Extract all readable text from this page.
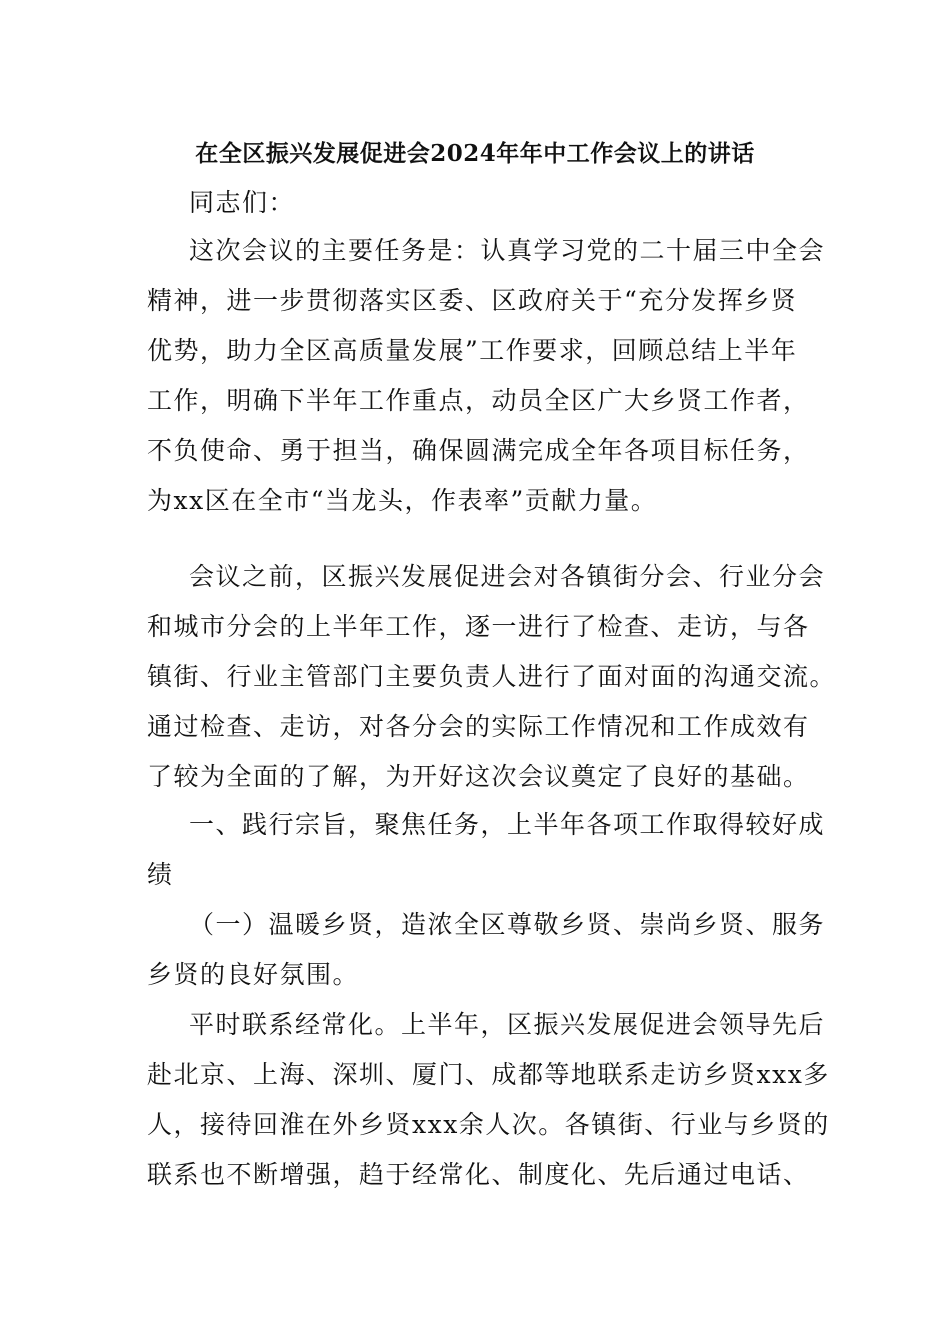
在全区振兴发展促进会2024年年中工作会议上的讲话

同志们：

这次会议的主要任务是：认真学习党的二十届三中全会
精神，进一步贯彻落实区委、区政府关于“充分发挥乡贤
优势，助力全区高质量发展”工作要求，回顾总结上半年
工作，明确下半年工作重点，动员全区广大乡贤工作者，
不负使命、勇于担当，确保圆满完成全年各项目标任务，
为xx区在全市“当龙头，作表率”贡献力量。

会议之前，区振兴发展促进会对各镇街分会、行业分会
和城市分会的上半年工作，逐一进行了检查、走访，与各
镇街、行业主管部门主要负责人进行了面对面的沟通交流。
通过检查、走访，对各分会的实际工作情况和工作成效有
了较为全面的了解，为开好这次会议奠定了良好的基础。

一、践行宗旨，聚焦任务，上半年各项工作取得较好成
绩

（一）温暖乡贤，造浓全区尊敬乡贤、崇尚乡贤、服务
乡贤的良好氛围。

平时联系经常化。上半年，区振兴发展促进会领导先后
赴北京、上海、深圳、厦门、成都等地联系走访乡贤xxx多
人，接待回淮在外乡贤xxx余人次。各镇街、行业与乡贤的
联系也不断增强，趋于经常化、制度化、先后通过电话、
